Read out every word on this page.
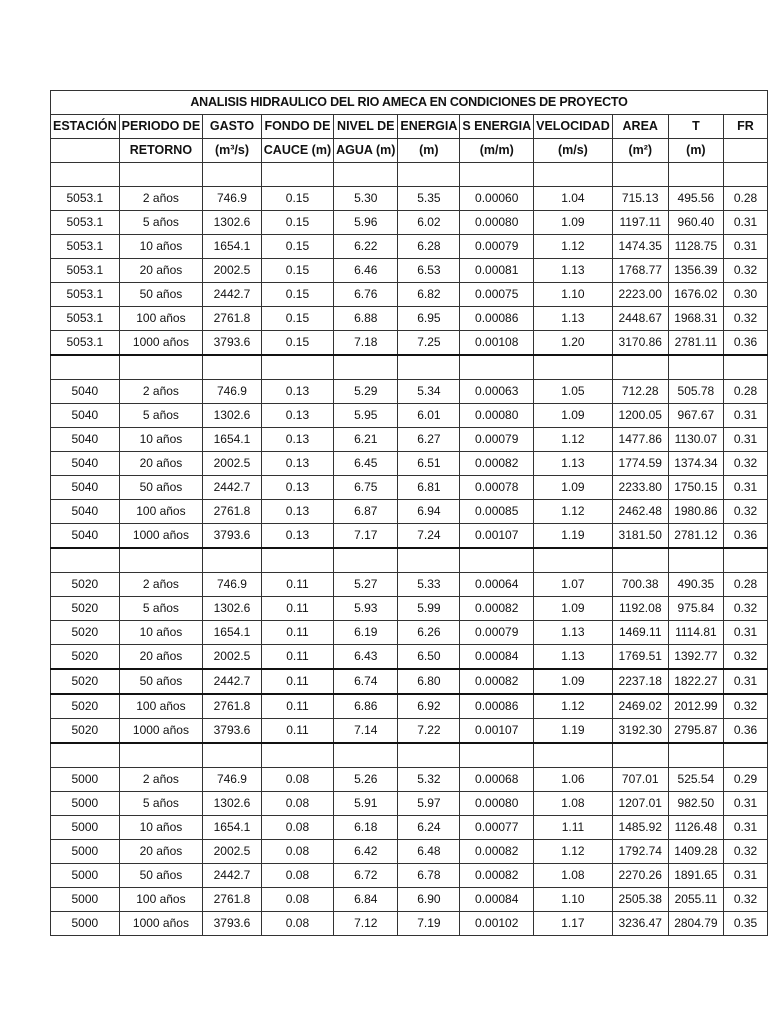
ANALISIS HIDRAULICO DEL RIO AMECA EN CONDICIONES DE PROYECTO										
ESTACIÓN	PERIODO DE	GASTO	FONDO DE	NIVEL DE	ENERGIA	S ENERGIA	VELOCIDAD	AREA	T	FR
	RETORNO	(m³/s)	CAUCE (m)	AGUA (m)	(m)	(m/m)	(m/s)	(m²)	(m)	

5053.1	2 años	746.9	0.15	5.30	5.35	0.00060	1.04	715.13	495.56	0.28
5053.1	5 años	1302.6	0.15	5.96	6.02	0.00080	1.09	1197.11	960.40	0.31
5053.1	10 años	1654.1	0.15	6.22	6.28	0.00079	1.12	1474.35	1128.75	0.31
5053.1	20 años	2002.5	0.15	6.46	6.53	0.00081	1.13	1768.77	1356.39	0.32
5053.1	50 años	2442.7	0.15	6.76	6.82	0.00075	1.10	2223.00	1676.02	0.30
5053.1	100 años	2761.8	0.15	6.88	6.95	0.00086	1.13	2448.67	1968.31	0.32
5053.1	1000 años	3793.6	0.15	7.18	7.25	0.00108	1.20	3170.86	2781.11	0.36

5040	2 años	746.9	0.13	5.29	5.34	0.00063	1.05	712.28	505.78	0.28
5040	5 años	1302.6	0.13	5.95	6.01	0.00080	1.09	1200.05	967.67	0.31
5040	10 años	1654.1	0.13	6.21	6.27	0.00079	1.12	1477.86	1130.07	0.31
5040	20 años	2002.5	0.13	6.45	6.51	0.00082	1.13	1774.59	1374.34	0.32
5040	50 años	2442.7	0.13	6.75	6.81	0.00078	1.09	2233.80	1750.15	0.31
5040	100 años	2761.8	0.13	6.87	6.94	0.00085	1.12	2462.48	1980.86	0.32
5040	1000 años	3793.6	0.13	7.17	7.24	0.00107	1.19	3181.50	2781.12	0.36

5020	2 años	746.9	0.11	5.27	5.33	0.00064	1.07	700.38	490.35	0.28
5020	5 años	1302.6	0.11	5.93	5.99	0.00082	1.09	1192.08	975.84	0.32
5020	10 años	1654.1	0.11	6.19	6.26	0.00079	1.13	1469.11	1114.81	0.31
5020	20 años	2002.5	0.11	6.43	6.50	0.00084	1.13	1769.51	1392.77	0.32
5020	50 años	2442.7	0.11	6.74	6.80	0.00082	1.09	2237.18	1822.27	0.31
5020	100 años	2761.8	0.11	6.86	6.92	0.00086	1.12	2469.02	2012.99	0.32
5020	1000 años	3793.6	0.11	7.14	7.22	0.00107	1.19	3192.30	2795.87	0.36

5000	2 años	746.9	0.08	5.26	5.32	0.00068	1.06	707.01	525.54	0.29
5000	5 años	1302.6	0.08	5.91	5.97	0.00080	1.08	1207.01	982.50	0.31
5000	10 años	1654.1	0.08	6.18	6.24	0.00077	1.11	1485.92	1126.48	0.31
5000	20 años	2002.5	0.08	6.42	6.48	0.00082	1.12	1792.74	1409.28	0.32
5000	50 años	2442.7	0.08	6.72	6.78	0.00082	1.08	2270.26	1891.65	0.31
5000	100 años	2761.8	0.08	6.84	6.90	0.00084	1.10	2505.38	2055.11	0.32
5000	1000 años	3793.6	0.08	7.12	7.19	0.00102	1.17	3236.47	2804.79	0.35
